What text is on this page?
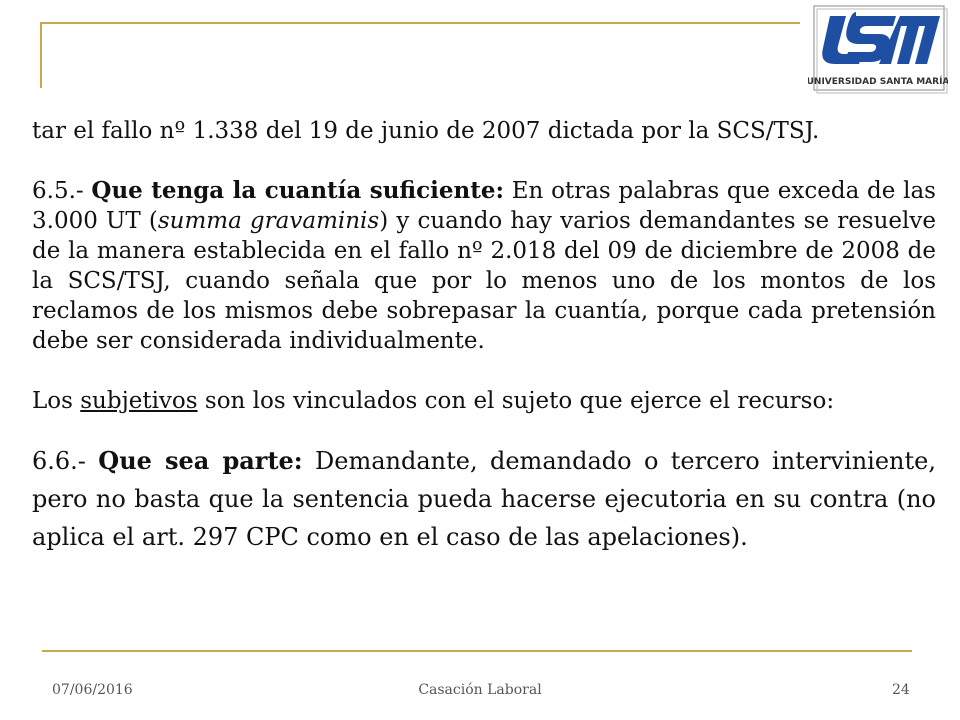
UNIVERSIDAD SANTA MARÍA

tar el fallo nº 1.338 del 19 de junio de 2007 dictada por la SCS/TSJ.

6.5.- Que tenga la cuantía suficiente: En otras palabras que exceda de las 3.000 UT (summa gravaminis) y cuando hay varios demandantes se resuelve de la manera establecida en el fallo nº 2.018 del 09 de diciembre de 2008 de la SCS/TSJ, cuando señala que por lo menos uno de los montos de los reclamos de los mismos debe sobrepasar la cuantía, porque cada pretensión debe ser considerada individualmente.

Los subjetivos son los vinculados con el sujeto que ejerce el recurso:

6.6.- Que sea parte: Demandante, demandado o tercero interviniente, pero no basta que la sentencia pueda hacerse ejecutoria en su contra (no aplica el art. 297 CPC como en el caso de las apelaciones).

07/06/2016	Casación Laboral	24
